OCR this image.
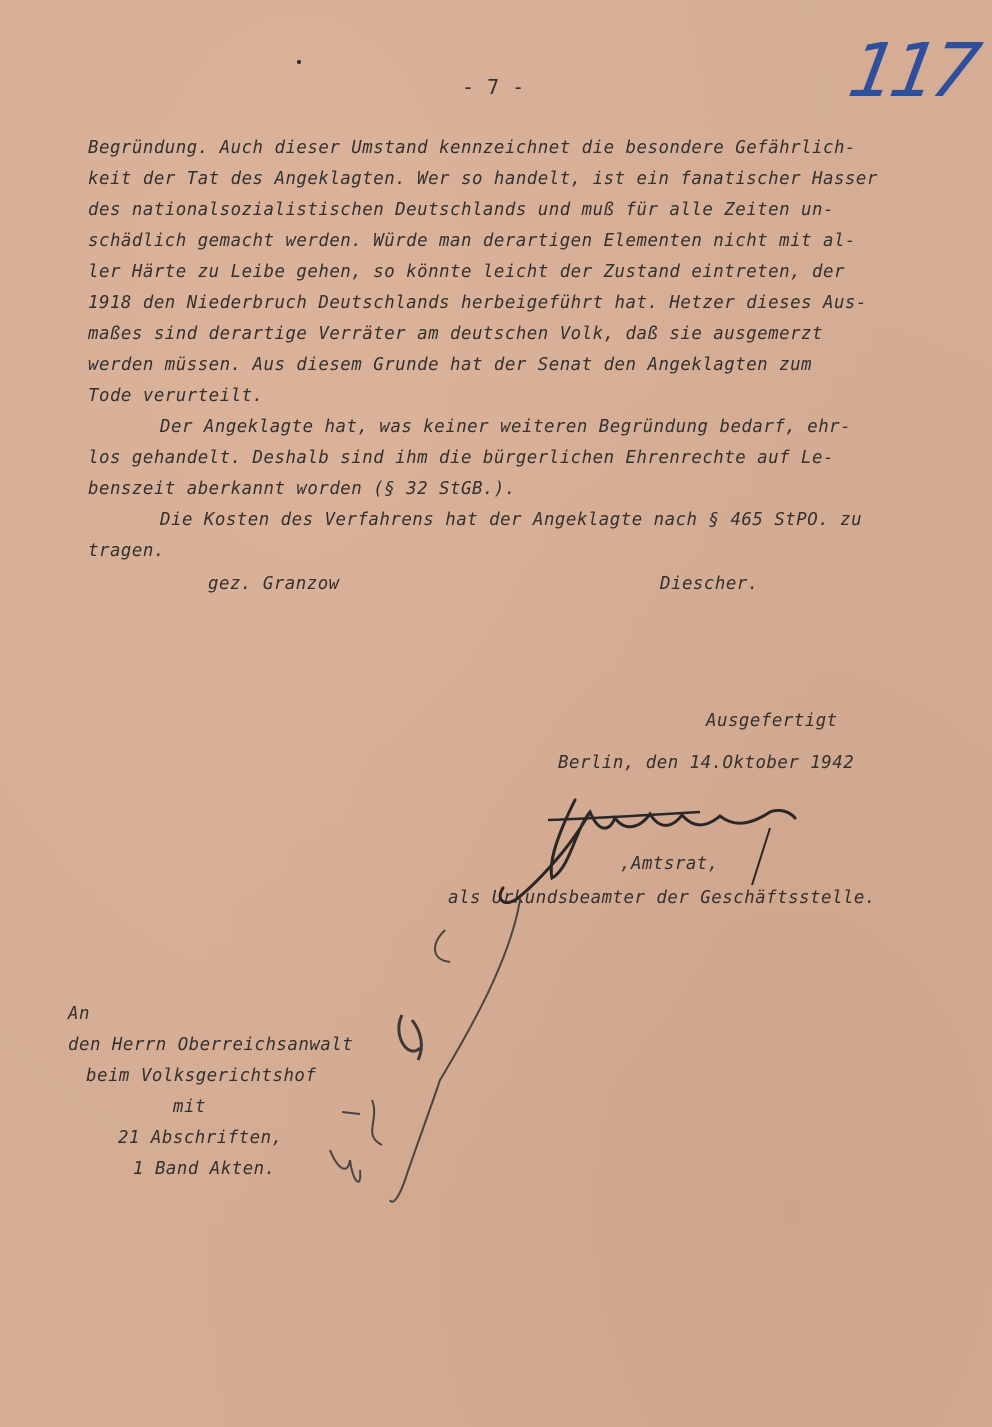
- 7 -	117

Begründung. Auch dieser Umstand kennzeichnet die besondere Gefährlich-

keit der Tat des Angeklagten. Wer so handelt, ist ein fanatischer Hasser

des nationalsozialistischen Deutschlands und muß für alle Zeiten un-

schädlich gemacht werden. Würde man derartigen Elementen nicht mit al-

ler Härte zu Leibe gehen, so könnte leicht der Zustand eintreten, der

1918 den Niederbruch Deutschlands herbeigeführt hat. Hetzer dieses Aus-

maßes sind derartige Verräter am deutschen Volk, daß sie ausgemerzt

werden müssen. Aus diesem Grunde hat der Senat den Angeklagten zum

Tode verurteilt.

Der Angeklagte hat, was keiner weiteren Begründung bedarf, ehr-

los gehandelt. Deshalb sind ihm die bürgerlichen Ehrenrechte auf Le-

benszeit aberkannt worden (§ 32 StGB.).

Die Kosten des Verfahrens hat der Angeklagte nach § 465 StPO. zu

tragen.

gez. Granzow	Diescher.

Ausgefertigt

Berlin, den 14.Oktober 1942

,Amtsrat,

als Urkundsbeamter der Geschäftsstelle.

An

den Herrn Oberreichsanwalt

beim Volksgerichtshof

mit

21 Abschriften,

1 Band Akten.
